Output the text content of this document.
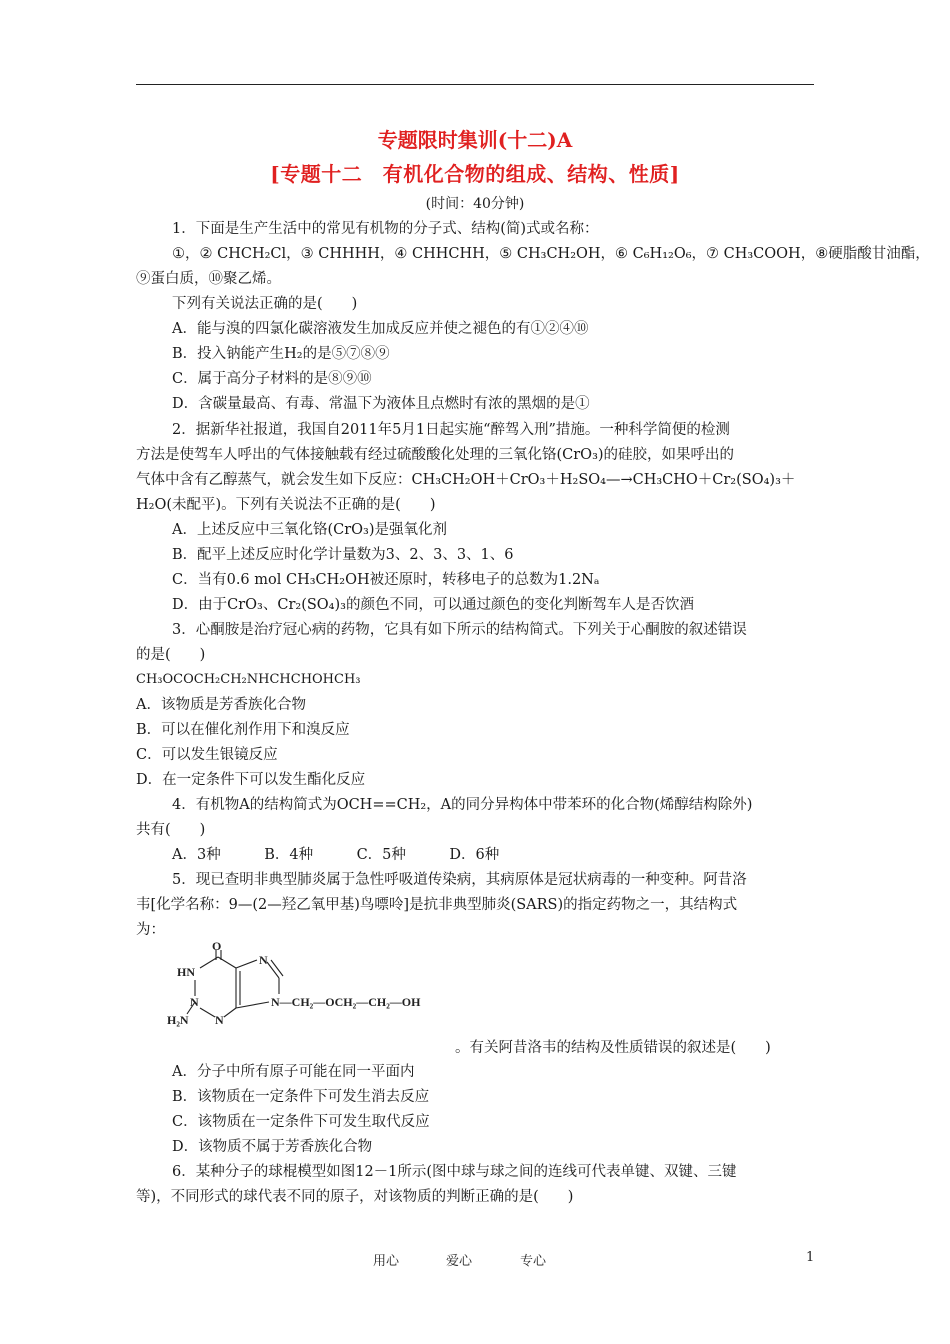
专题限时集训(十二)A
[专题十二　有机化合物的组成、结构、性质]
(时间：40分钟)
1．下面是生产生活中的常见有机物的分子式、结构(简)式或名称：
①，② CHCH₂Cl，③ CHHHH，④ CHHCHH，⑤ CH₃CH₂OH，⑥ C₆H₁₂O₆，⑦ CH₃COOH，⑧硬脂酸甘油酯，
⑨蛋白质，⑩聚乙烯。
下列有关说法正确的是(　　)
A．能与溴的四氯化碳溶液发生加成反应并使之褪色的有①②④⑩
B．投入钠能产生H₂的是⑤⑦⑧⑨
C．属于高分子材料的是⑧⑨⑩
D．含碳量最高、有毒、常温下为液体且点燃时有浓的黑烟的是①
2．据新华社报道，我国自2011年5月1日起实施“醉驾入刑”措施。一种科学简便的检测
方法是使驾车人呼出的气体接触载有经过硫酸酸化处理的三氧化铬(CrO₃)的硅胶，如果呼出的
气体中含有乙醇蒸气，就会发生如下反应：CH₃CH₂OH＋CrO₃＋H₂SO₄—→CH₃CHO＋Cr₂(SO₄)₃＋
H₂O(未配平)。下列有关说法不正确的是(　　)
A．上述反应中三氧化铬(CrO₃)是强氧化剂
B．配平上述反应时化学计量数为3、2、3、3、1、6
C．当有0.6 mol CH₃CH₂OH被还原时，转移电子的总数为1.2Nₐ
D．由于CrO₃、Cr₂(SO₄)₃的颜色不同，可以通过颜色的变化判断驾车人是否饮酒
3．心酮胺是治疗冠心病的药物，它具有如下所示的结构简式。下列关于心酮胺的叙述错误
的是(　　)
CH₃OCOCH₂CH₂NHCHCHOHCH₃
A．该物质是芳香族化合物
B．可以在催化剂作用下和溴反应
C．可以发生银镜反应
D．在一定条件下可以发生酯化反应
4．有机物A的结构简式为OCH==CH₂，A的同分异构体中带苯环的化合物(烯醇结构除外)
共有(　　)
A．3种　　　B．4种　　　C．5种　　　D．6种
5．现已查明非典型肺炎属于急性呼吸道传染病，其病原体是冠状病毒的一种变种。阿昔洛
韦[化学名称：9—(2—羟乙氧甲基)鸟嘌呤]是抗非典型肺炎(SARS)的指定药物之一，其结构式
为：
O
HN
N
N
N
H₂N
N—CH₂—OCH₂—CH₂—OH
。有关阿昔洛韦的结构及性质错误的叙述是(　　)
A．分子中所有原子可能在同一平面内
B．该物质在一定条件下可发生消去反应
C．该物质在一定条件下可发生取代反应
D．该物质不属于芳香族化合物
6．某种分子的球棍模型如图12－1所示(图中球与球之间的连线可代表单键、双键、三键
等)，不同形式的球代表不同的原子，对该物质的判断正确的是(　　)
用心	爱心	专心	1
